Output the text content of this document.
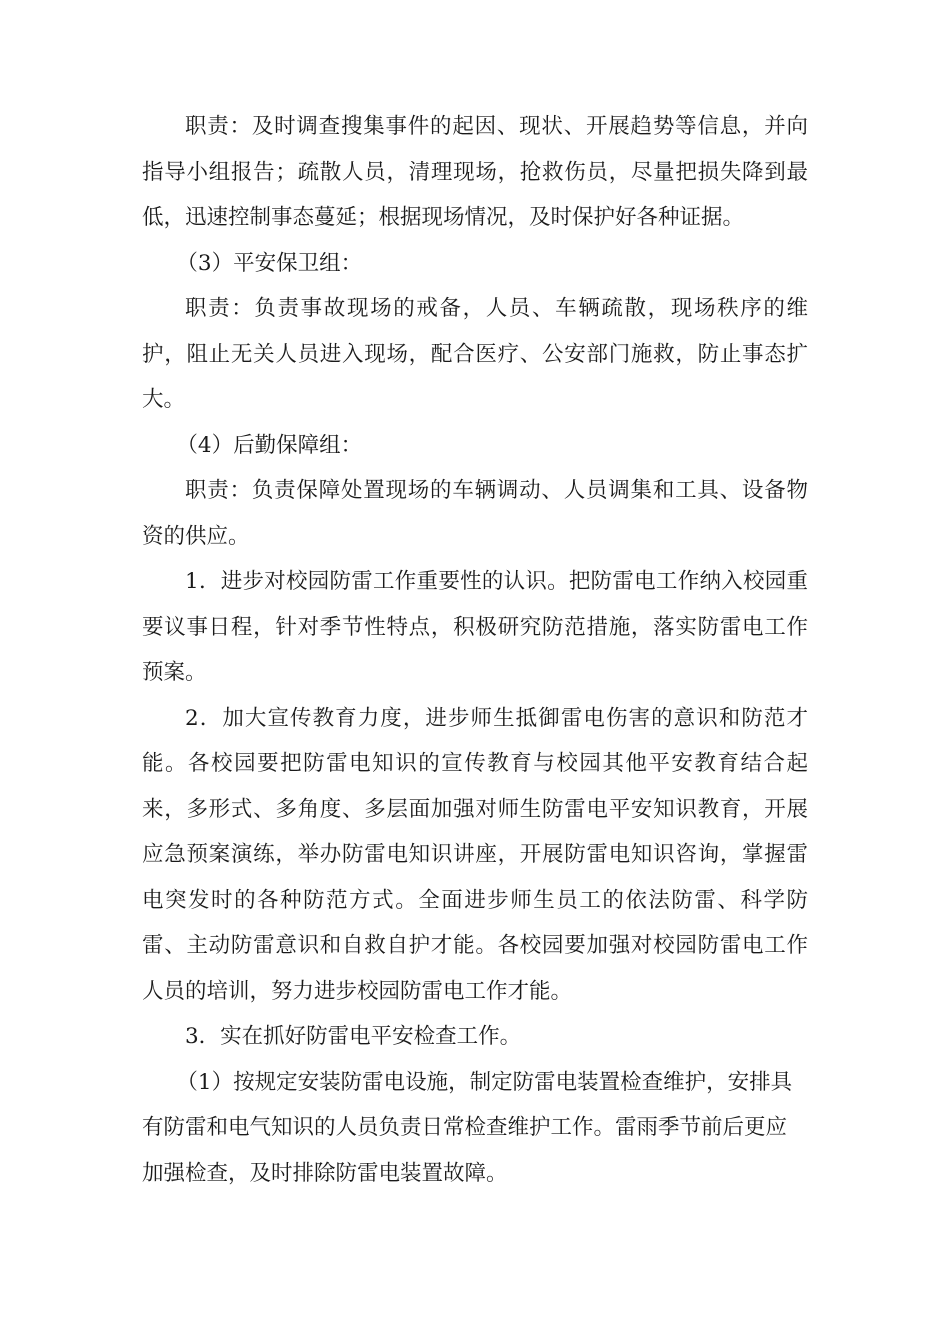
职责：及时调查搜集事件的起因、现状、开展趋势等信息，并向指导小组报告；疏散人员，清理现场，抢救伤员，尽量把损失降到最低，迅速控制事态蔓延；根据现场情况，及时保护好各种证据。

（3）平安保卫组：

职责：负责事故现场的戒备，人员、车辆疏散，现场秩序的维护，阻止无关人员进入现场，配合医疗、公安部门施救，防止事态扩大。

（4）后勤保障组：

职责：负责保障处置现场的车辆调动、人员调集和工具、设备物资的供应。

1．进步对校园防雷工作重要性的认识。把防雷电工作纳入校园重要议事日程，针对季节性特点，积极研究防范措施，落实防雷电工作预案。

2．加大宣传教育力度，进步师生抵御雷电伤害的意识和防范才能。各校园要把防雷电知识的宣传教育与校园其他平安教育结合起来，多形式、多角度、多层面加强对师生防雷电平安知识教育，开展应急预案演练，举办防雷电知识讲座，开展防雷电知识咨询，掌握雷电突发时的各种防范方式。全面进步师生员工的依法防雷、科学防雷、主动防雷意识和自救自护才能。各校园要加强对校园防雷电工作人员的培训，努力进步校园防雷电工作才能。

3．实在抓好防雷电平安检查工作。

（1）按规定安装防雷电设施，制定防雷电装置检查维护，安排具有防雷和电气知识的人员负责日常检查维护工作。雷雨季节前后更应加强检查，及时排除防雷电装置故障。
